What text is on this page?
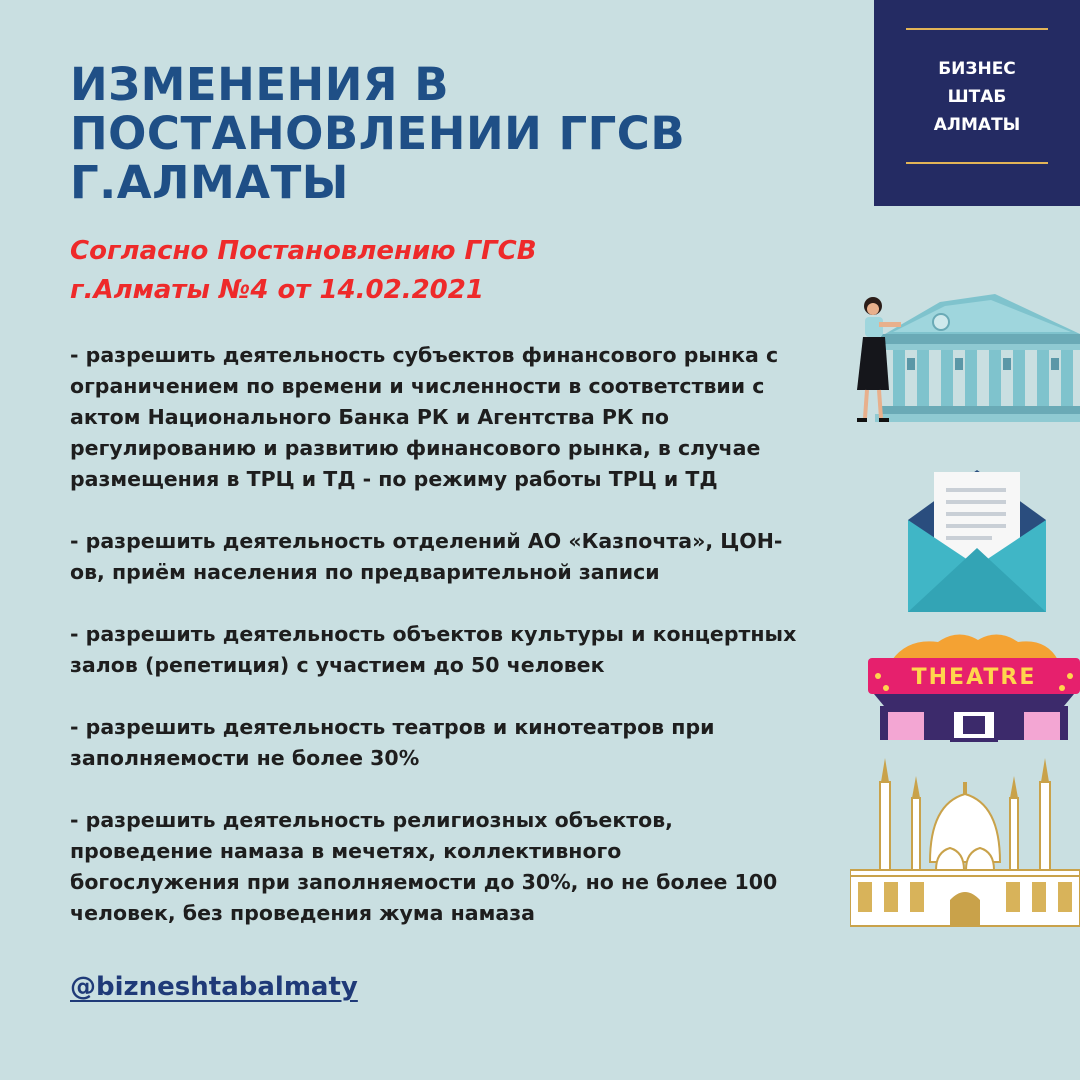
ИЗМЕНЕНИЯ В
ПОСТАНОВЛЕНИИ ГГСВ
Г.АЛМАТЫ

Согласно Постановлению ГГСВ
г.Алматы №4 от 14.02.2021

- разрешить деятельность субъектов финансового рынка с
ограничением по времени и численности в соответствии с
актом Национального Банка РК и Агентства РК по
регулированию и развитию финансового рынка, в случае
размещения в ТРЦ и ТД - по режиму работы ТРЦ и ТД

- разрешить деятельность отделений АО «Казпочта», ЦОН-
ов, приём населения по предварительной записи

- разрешить деятельность объектов культуры и концертных
залов (репетиция) с участием до 50 человек

- разрешить деятельность театров и кинотеатров при
заполняемости не более 30%

- разрешить деятельность религиозных объектов,
проведение намаза в мечетях, коллективного
богослужения при заполняемости до 30%, но не более 100
человек, без проведения жума намаза

@bizneshtabalmaty
БИЗНЕС
ШТАБ
АЛМАТЫ
THEATRE
